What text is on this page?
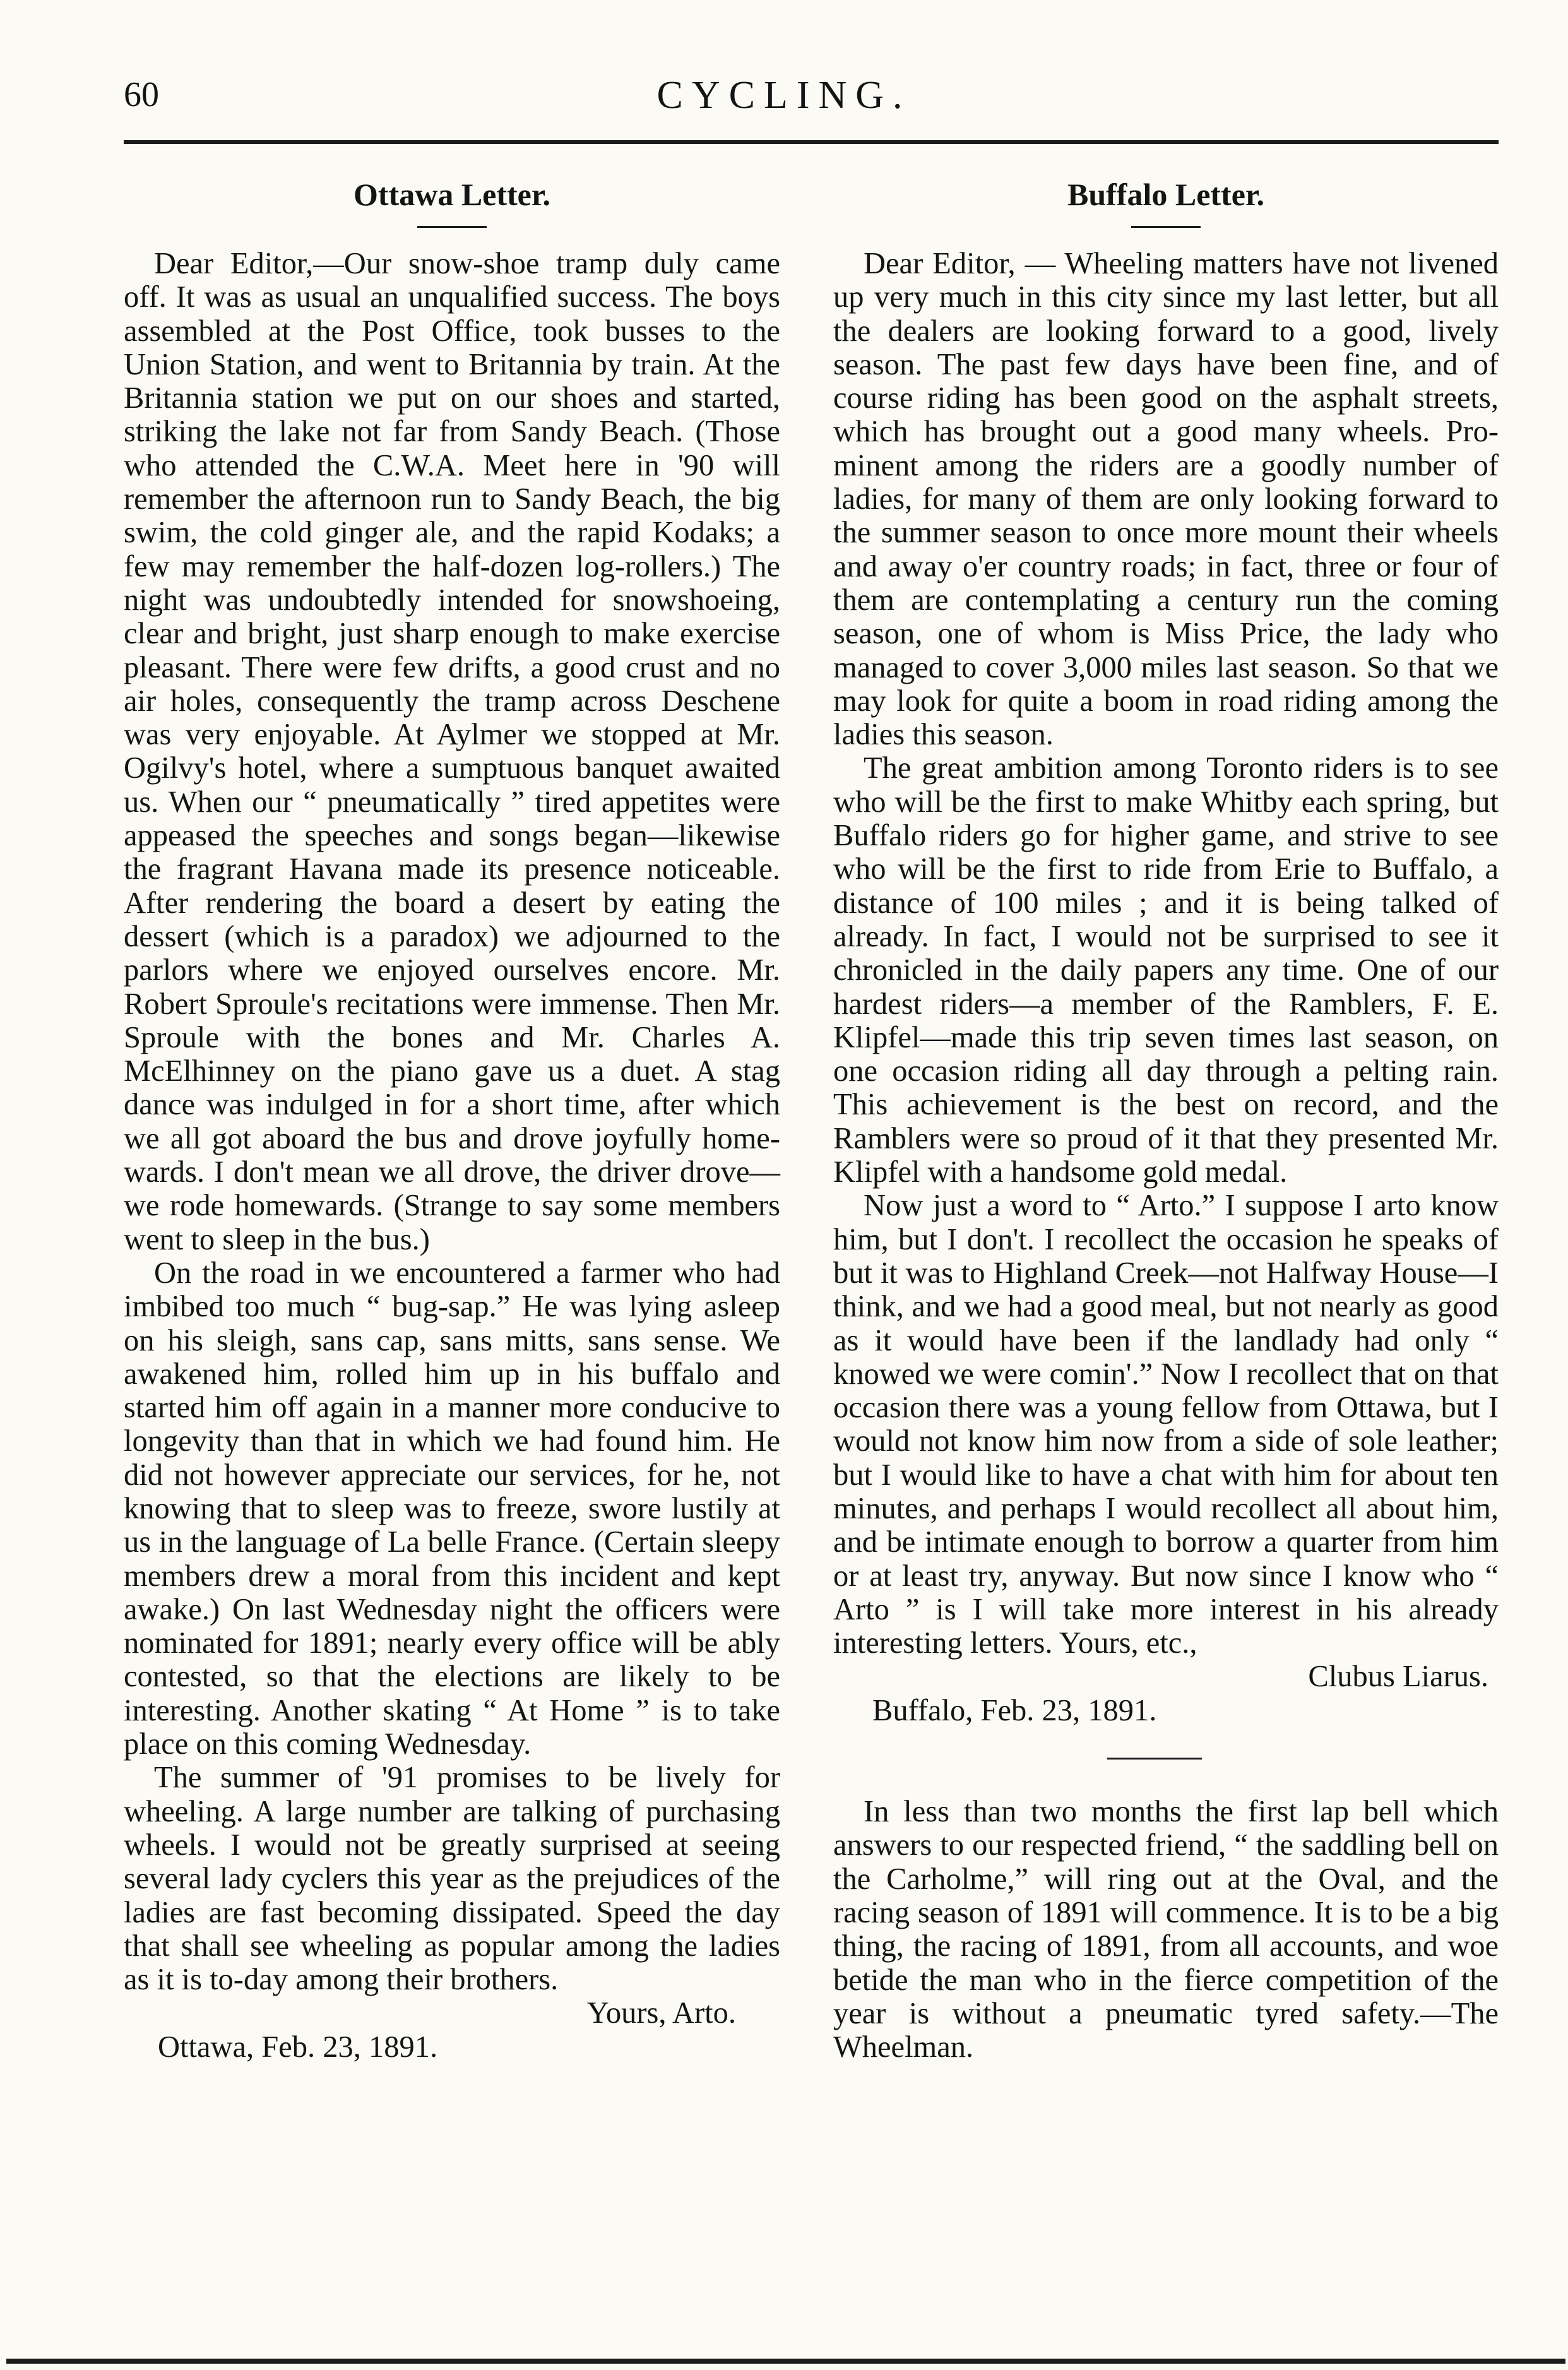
60	CYCLING.
Ottawa Letter.

Dear Editor,—Our snow-shoe tramp duly came off. It was as usual an unqualified success. The boys assembled at the Post Office, took busses to the Union Station, and went to Britannia by train. At the Britannia station we put on our shoes and started, striking the lake not far from Sandy Beach. (Those who attended the C.W.A. Meet here in '90 will remember the afternoon run to Sandy Beach, the big swim, the cold ginger ale, and the rapid Kodaks; a few may remember the half-dozen log-rollers.) The night was undoubtedly intended for snowshoeing, clear and bright, just sharp enough to make exercise pleasant. There were few drifts, a good crust and no air holes, consequently the tramp across Deschene was very enjoyable. At Aylmer we stopped at Mr. Ogilvy's hotel, where a sumptuous banquet awaited us. When our “ pneumatically ” tired appetites were appeased the speeches and songs began—likewise the fragrant Havana made its presence noticeable. After rendering the board a desert by eating the dessert (which is a paradox) we adjourned to the parlors where we enjoyed ourselves encore. Mr. Robert Sproule's recitations were immense. Then Mr. Sproule with the bones and Mr. Charles A. McElhinney on the piano gave us a duet. A stag dance was indulged in for a short time, after which we all got aboard the bus and drove joyfully homewards. I don't mean we all drove, the driver drove—we rode homewards. (Strange to say some members went to sleep in the bus.)

On the road in we encountered a farmer who had imbibed too much “ bug-sap.” He was lying asleep on his sleigh, sans cap, sans mitts, sans sense. We awakened him, rolled him up in his buffalo and started him off again in a manner more conducive to longevity than that in which we had found him. He did not however appreciate our services, for he, not knowing that to sleep was to freeze, swore lustily at us in the language of La belle France. (Certain sleepy members drew a moral from this incident and kept awake.) On last Wednesday night the officers were nominated for 1891; nearly every office will be ably contested, so that the elections are likely to be interesting. Another skating “ At Home ” is to take place on this coming Wednesday.

The summer of '91 promises to be lively for wheeling. A large number are talking of purchasing wheels. I would not be greatly surprised at seeing several lady cyclers this year as the prejudices of the ladies are fast becoming dissipated. Speed the day that shall see wheeling as popular among the ladies as it is to-day among their brothers.

Yours, Arto.

Ottawa, Feb. 23, 1891.

Buffalo Letter.

Dear Editor, — Wheeling matters have not livened up very much in this city since my last letter, but all the dealers are looking forward to a good, lively season. The past few days have been fine, and of course riding has been good on the asphalt streets, which has brought out a good many wheels. Prominent among the riders are a goodly number of ladies, for many of them are only looking forward to the summer season to once more mount their wheels and away o'er country roads; in fact, three or four of them are contemplating a century run the coming season, one of whom is Miss Price, the lady who managed to cover 3,000 miles last season. So that we may look for quite a boom in road riding among the ladies this season.

The great ambition among Toronto riders is to see who will be the first to make Whitby each spring, but Buffalo riders go for higher game, and strive to see who will be the first to ride from Erie to Buffalo, a distance of 100 miles ; and it is being talked of already. In fact, I would not be surprised to see it chronicled in the daily papers any time. One of our hardest riders—a member of the Ramblers, F. E. Klipfel—made this trip seven times last season, on one occasion riding all day through a pelting rain. This achievement is the best on record, and the Ramblers were so proud of it that they presented Mr. Klipfel with a handsome gold medal.

Now just a word to “ Arto.” I suppose I arto know him, but I don't. I recollect the occasion he speaks of but it was to Highland Creek—not Halfway House—I think, and we had a good meal, but not nearly as good as it would have been if the landlady had only “ knowed we were comin'.” Now I recollect that on that occasion there was a young fellow from Ottawa, but I would not know him now from a side of sole leather; but I would like to have a chat with him for about ten minutes, and perhaps I would recollect all about him, and be intimate enough to borrow a quarter from him or at least try, anyway. But now since I know who “ Arto ” is I will take more interest in his already interesting letters. Yours, etc.,

Clubus Liarus.

Buffalo, Feb. 23, 1891.

In less than two months the first lap bell which answers to our respected friend, “ the saddling bell on the Carholme,” will ring out at the Oval, and the racing season of 1891 will commence. It is to be a big thing, the racing of 1891, from all accounts, and woe betide the man who in the fierce competition of the year is without a pneumatic tyred safety.—The Wheelman.
